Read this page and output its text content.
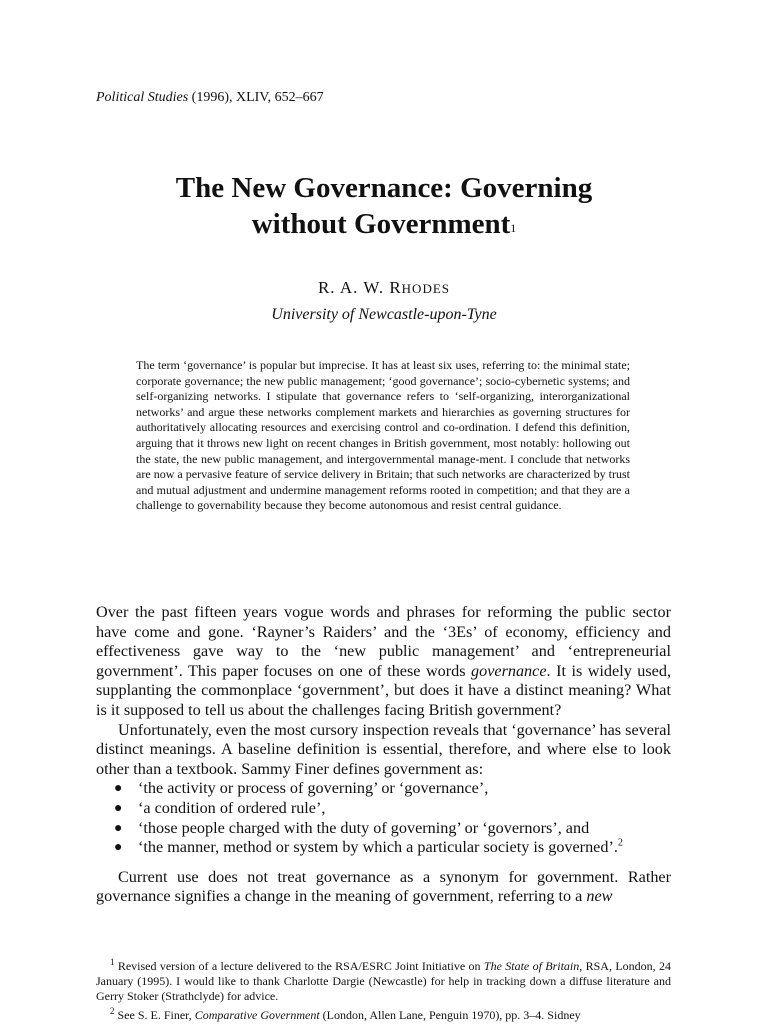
Political Studies (1996), XLIV, 652–667
The New Governance: Governing
without Government$^1$
R. A. W. RHODES
University of Newcastle-upon-Tyne
The term ‘governance’ is popular but imprecise. It has at least six uses, referring to: the minimal state; corporate governance; the new public management; ‘good governance’; socio-cybernetic systems; and self-organizing networks. I stipulate that governance refers to ‘self-organizing, interorganizational networks’ and argue these networks complement markets and hierarchies as governing structures for authoritatively allocating resources and exercising control and co-ordination. I defend this definition, arguing that it throws new light on recent changes in British government, most notably: hollowing out the state, the new public management, and intergovernmental manage-ment. I conclude that networks are now a pervasive feature of service delivery in Britain; that such networks are characterized by trust and mutual adjustment and undermine management reforms rooted in competition; and that they are a challenge to governability because they become autonomous and resist central guidance.

Over the past fifteen years vogue words and phrases for reforming the public sector have come and gone. ‘Rayner’s Raiders’ and the ‘3Es’ of economy, efficiency and effectiveness gave way to the ‘new public management’ and ‘entrepreneurial government’. This paper focuses on one of these words governance. It is widely used, supplanting the commonplace ‘government’, but does it have a distinct meaning? What is it supposed to tell us about the challenges facing British government?

Unfortunately, even the most cursory inspection reveals that ‘governance’ has several distinct meanings. A baseline definition is essential, therefore, and where else to look other than a textbook. Sammy Finer defines government as:

● ‘the activity or process of governing’ or ‘governance’,
● ‘a condition of ordered rule’,
● ‘those people charged with the duty of governing’ or ‘governors’, and
● ‘the manner, method or system by which a particular society is governed’.$^2$

Current use does not treat governance as a synonym for government. Rather governance signifies a change in the meaning of government, referring to a new

$^1$ Revised version of a lecture delivered to the RSA/ESRC Joint Initiative on The State of Britain, RSA, London, 24 January (1995). I would like to thank Charlotte Dargie (Newcastle) for help in tracking down a diffuse literature and Gerry Stoker (Strathclyde) for advice.

$^2$ See S. E. Finer, Comparative Government (London, Allen Lane, Penguin 1970), pp. 3–4. Sidney
